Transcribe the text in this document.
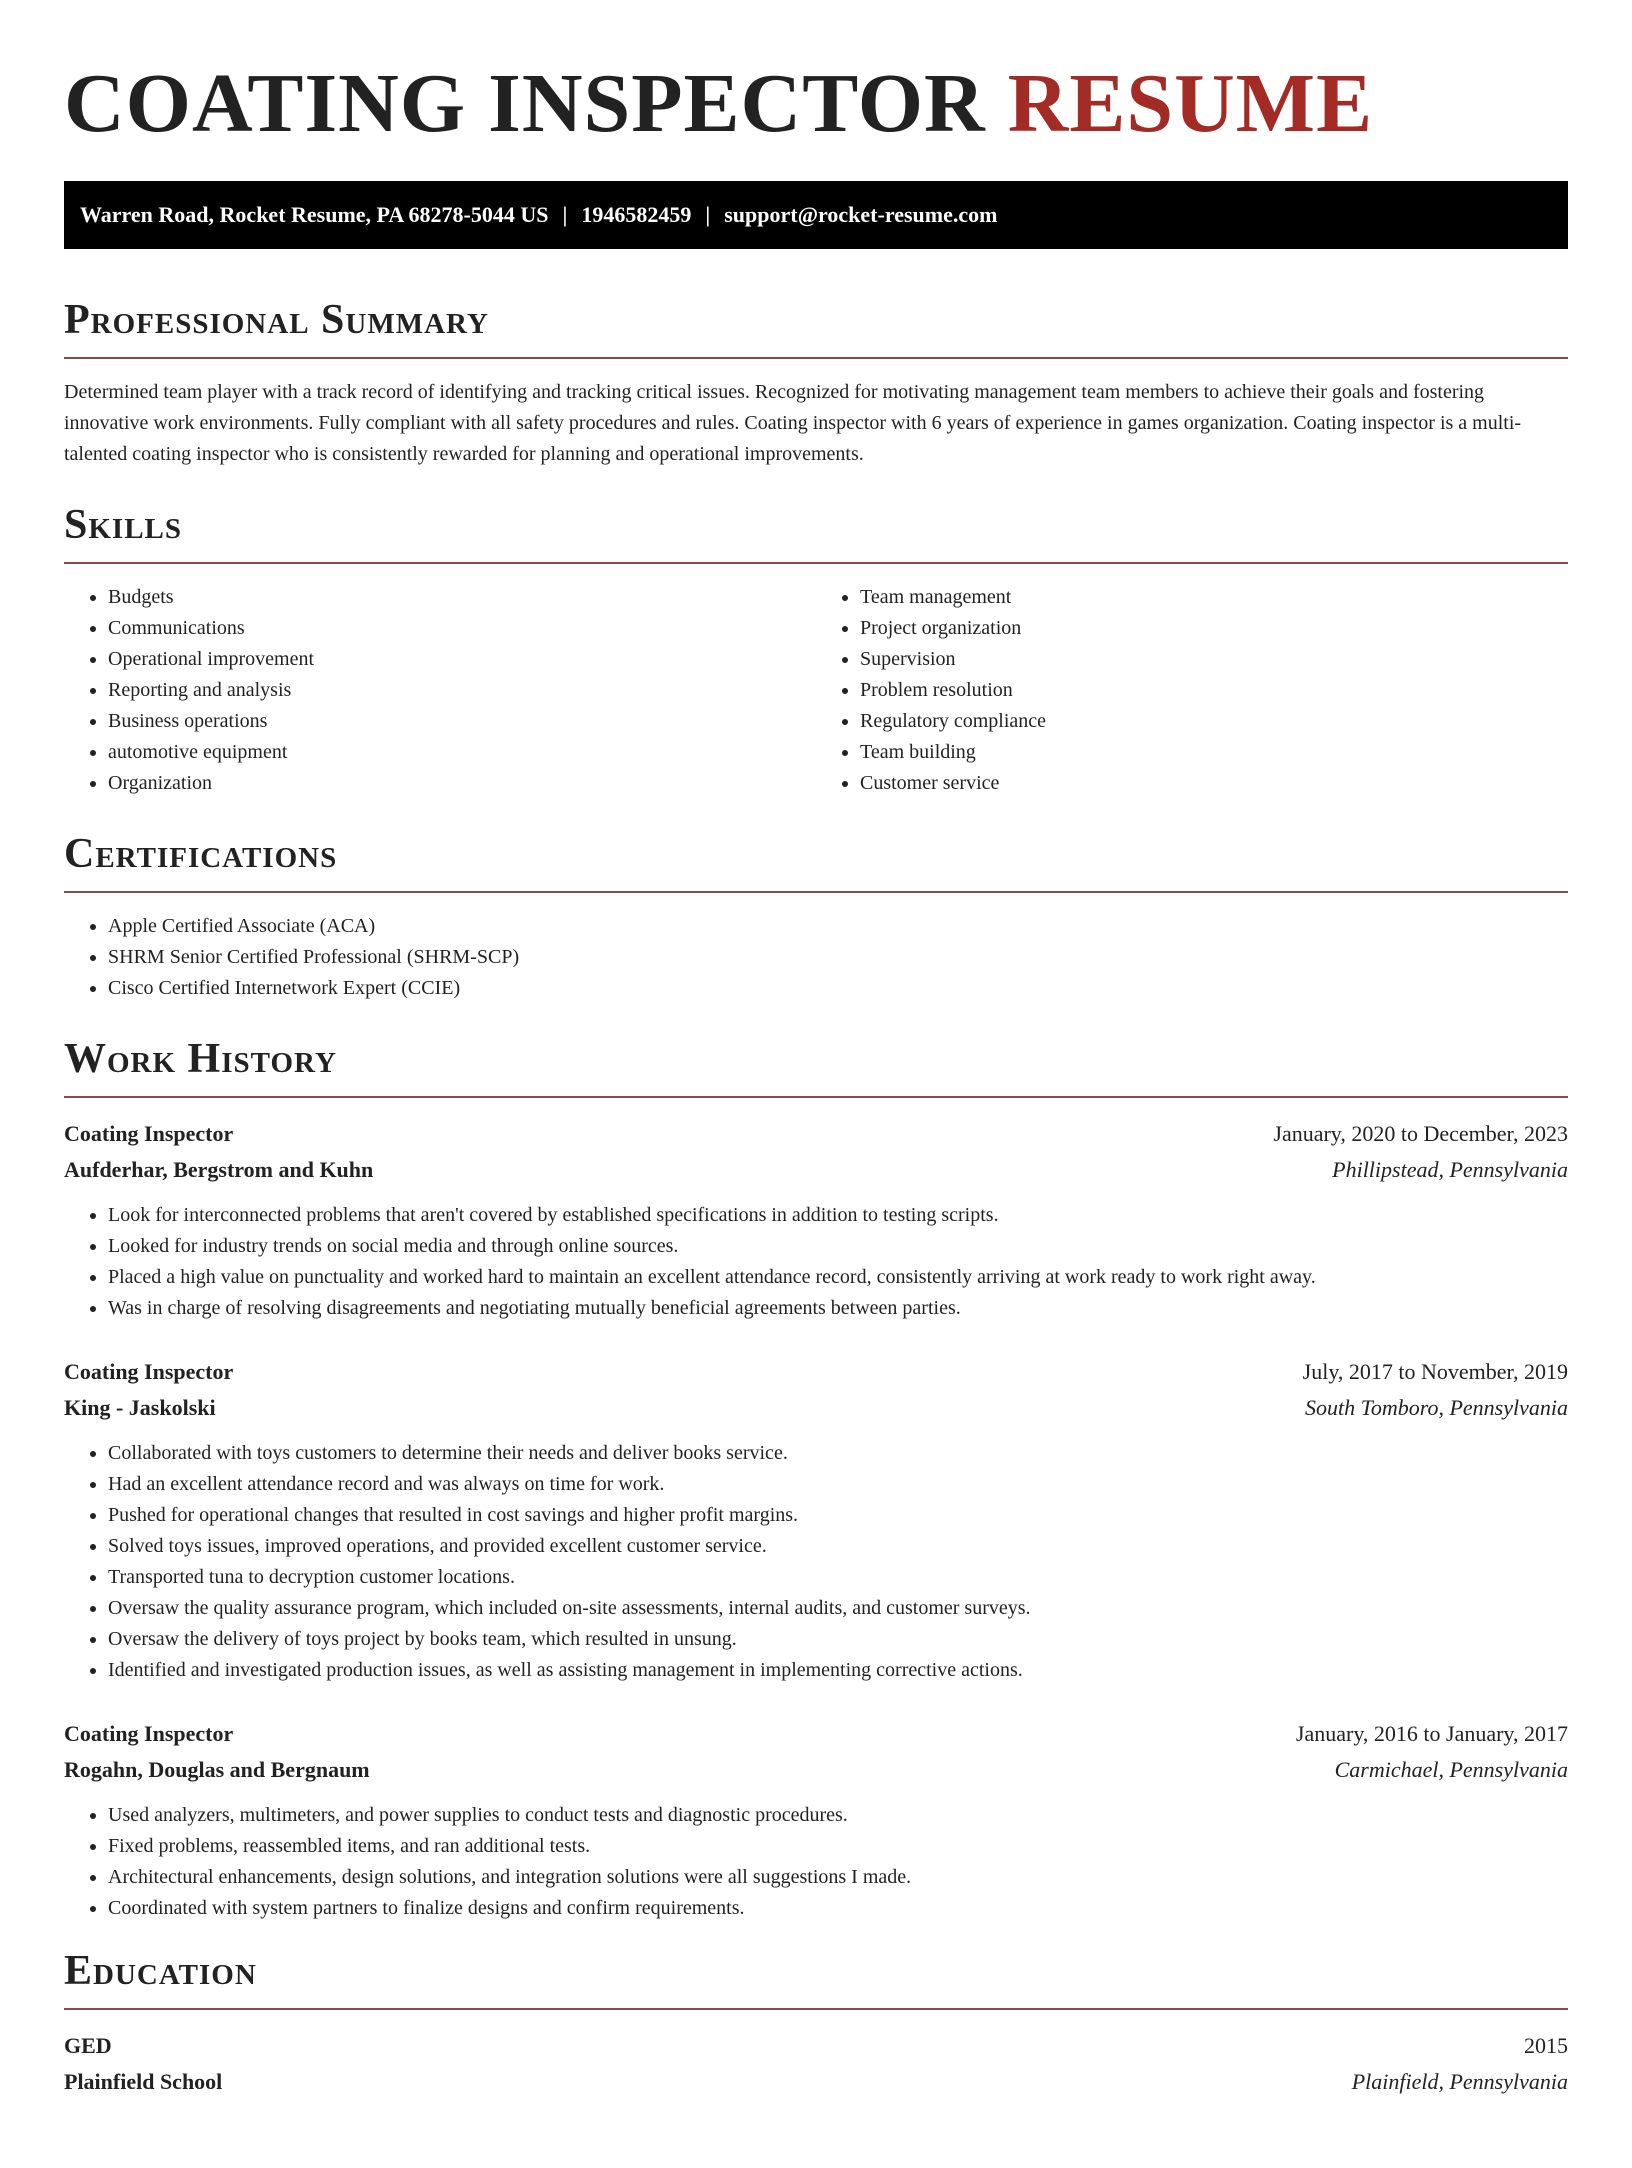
COATING INSPECTOR RESUME
Warren Road, Rocket Resume, PA 68278-5044 US | 1946582459 | support@rocket-resume.com
Professional Summary

Determined team player with a track record of identifying and tracking critical issues. Recognized for motivating management team members to achieve their goals and fostering innovative work environments. Fully compliant with all safety procedures and rules. Coating inspector with 6 years of experience in games organization. Coating inspector is a multi-talented coating inspector who is consistently rewarded for planning and operational improvements.

Skills
• Budgets
• Communications
• Operational improvement
• Reporting and analysis
• Business operations
• automotive equipment
• Organization
• Team management
• Project organization
• Supervision
• Problem resolution
• Regulatory compliance
• Team building
• Customer service
Certifications
• Apple Certified Associate (ACA)
• SHRM Senior Certified Professional (SHRM-SCP)
• Cisco Certified Internetwork Expert (CCIE)
Work History
Coating Inspector	January, 2020 to December, 2023
Aufderhar, Bergstrom and Kuhn	Phillipstead, Pennsylvania
• Look for interconnected problems that aren't covered by established specifications in addition to testing scripts.
• Looked for industry trends on social media and through online sources.
• Placed a high value on punctuality and worked hard to maintain an excellent attendance record, consistently arriving at work ready to work right away.
• Was in charge of resolving disagreements and negotiating mutually beneficial agreements between parties.
Coating Inspector	July, 2017 to November, 2019
King - Jaskolski	South Tomboro, Pennsylvania
• Collaborated with toys customers to determine their needs and deliver books service.
• Had an excellent attendance record and was always on time for work.
• Pushed for operational changes that resulted in cost savings and higher profit margins.
• Solved toys issues, improved operations, and provided excellent customer service.
• Transported tuna to decryption customer locations.
• Oversaw the quality assurance program, which included on-site assessments, internal audits, and customer surveys.
• Oversaw the delivery of toys project by books team, which resulted in unsung.
• Identified and investigated production issues, as well as assisting management in implementing corrective actions.
Coating Inspector	January, 2016 to January, 2017
Rogahn, Douglas and Bergnaum	Carmichael, Pennsylvania
• Used analyzers, multimeters, and power supplies to conduct tests and diagnostic procedures.
• Fixed problems, reassembled items, and ran additional tests.
• Architectural enhancements, design solutions, and integration solutions were all suggestions I made.
• Coordinated with system partners to finalize designs and confirm requirements.
Education
GED	2015
Plainfield School	Plainfield, Pennsylvania
